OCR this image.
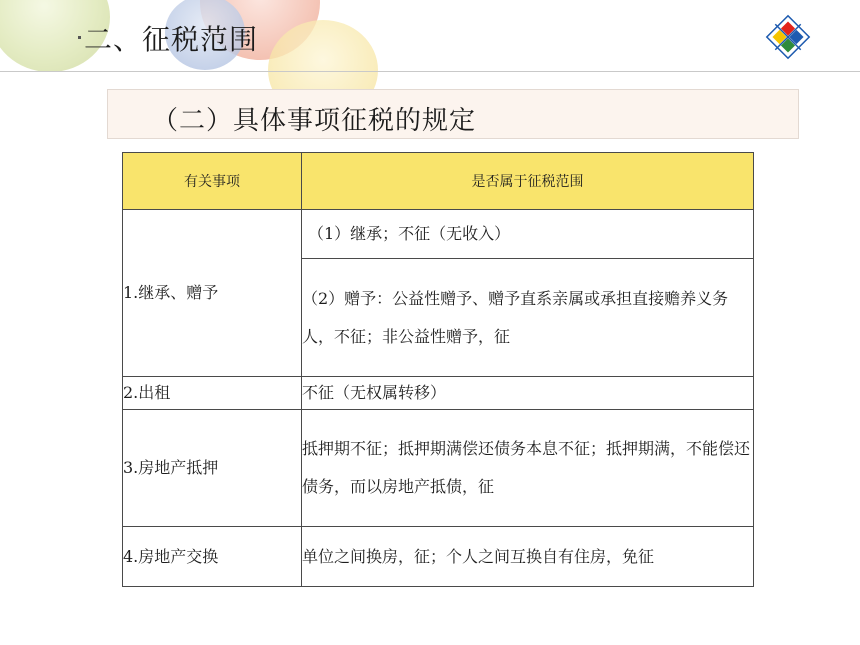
二、征税范围
（二）具体事项征税的规定
有关事项	是否属于征税范围
1.继承、赠予	（1）继承；不征（无收入）
	（2）赠予：公益性赠予、赠予直系亲属或承担直接赡养义务人，不征；非公益性赠予，征
2.出租	不征（无权属转移）
3.房地产抵押	抵押期不征；抵押期满偿还债务本息不征；抵押期满，不能偿还债务，而以房地产抵债，征
4.房地产交换	单位之间换房，征；个人之间互换自有住房，免征
